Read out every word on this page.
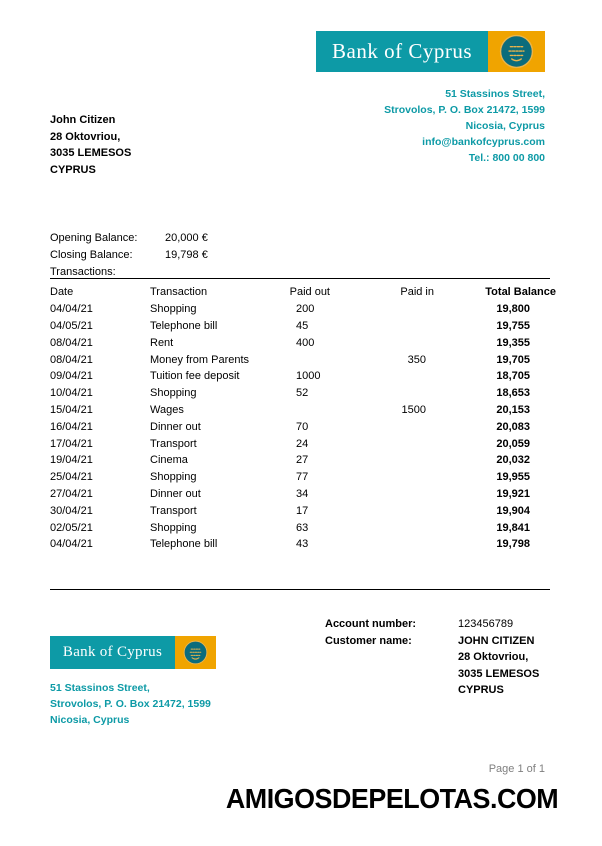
Bank of Cyprus
51 Stassinos Street,
Strovolos, P. O. Box 21472, 1599
Nicosia, Cyprus
info@bankofcyprus.com
Tel.: 800 00 800
John Citizen
28 Oktovriou,
3035 LEMESOS
CYPRUS
Opening Balance:	20,000 €
Closing Balance:	19,798 €
Transactions:
Date	Transaction	Paid out	Paid in	Total Balance
04/04/21	Shopping	200		19,800
04/05/21	Telephone bill	45		19,755
08/04/21	Rent	400		19,355
08/04/21	Money from Parents		350	19,705
09/04/21	Tuition fee deposit	1000		18,705
10/04/21	Shopping	52		18,653
15/04/21	Wages		1500	20,153
16/04/21	Dinner out	70		20,083
17/04/21	Transport	24		20,059
19/04/21	Cinema	27		20,032
25/04/21	Shopping	77		19,955
27/04/21	Dinner out	34		19,921
30/04/21	Transport	17		19,904
02/05/21	Shopping	63		19,841
04/04/21	Telephone bill	43		19,798
Account number:	123456789
Customer name:	JOHN CITIZEN
28 Oktovriou,
3035 LEMESOS
CYPRUS
Bank of Cyprus
51 Stassinos Street,
Strovolos, P. O. Box 21472, 1599
Nicosia, Cyprus
Page 1 of 1
AMIGOSDEPELOTAS.COM
